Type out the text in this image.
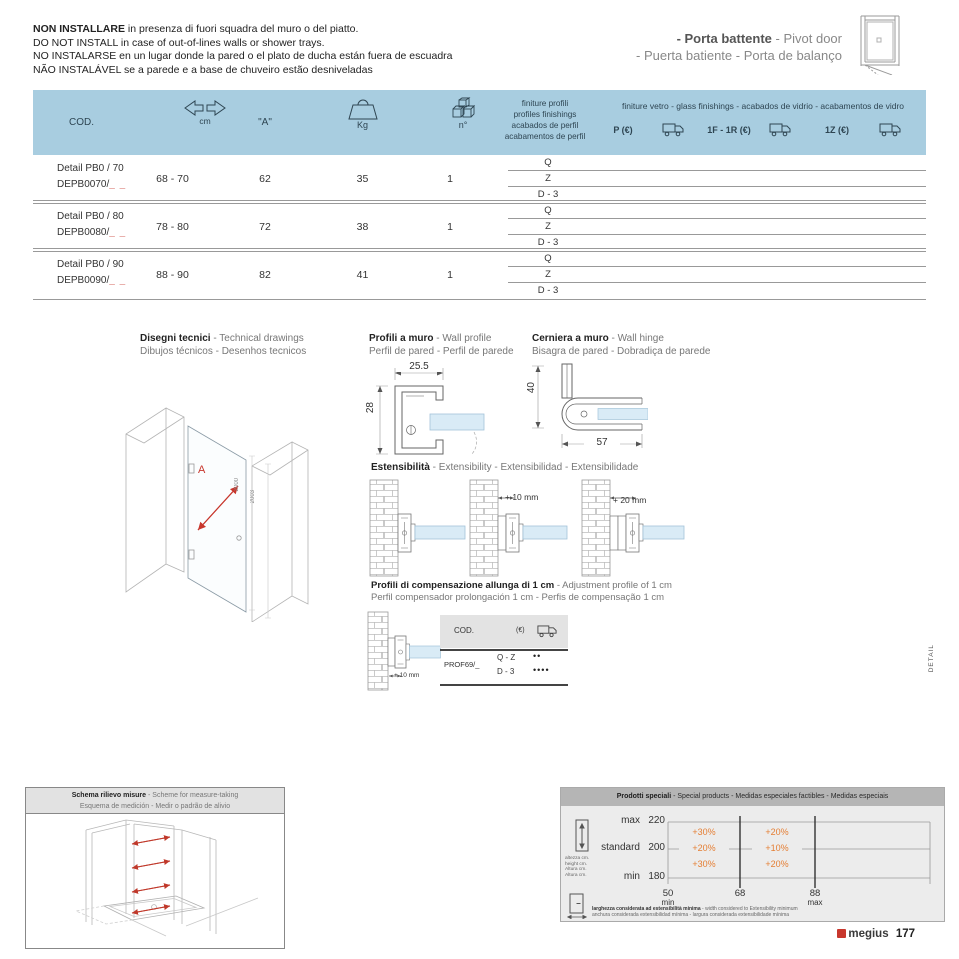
NON INSTALLARE in presenza di fuori squadra del muro o del piatto.
DO NOT INSTALL in case of out-of-lines walls or shower trays.
NO INSTALARSE en un lugar donde la pared o el plato de ducha están fuera de escuadra
NÃO INSTALÁVEL se a parede e a base de chuveiro estão desniveladas
- Porta battente - Pivot door
- Puerta batiente - Porta de balanço
COD.	cm	"A"	Kg	n°
finiture profili
profiles finishings
acabados de perfil
acabamentos de perfil
finiture vetro - glass finishings - acabados de vidrio - acabamentos de vidro
P (€)	1F - 1R (€)	1Z (€)
Detail PB0 / 70
DEPB0070/_ _	68 - 70	62	35	1
Q
Z
D - 3
Detail PB0 / 80
DEPB0080/_ _	78 - 80	72	38	1
Q
Z
D - 3
Detail PB0 / 90
DEPB0090/_ _	88 - 90	82	41	1
Q
Z
D - 3
Disegni tecnici - Technical drawings
Dibujos técnicos - Desenhos tecnicos
Profili a muro - Wall profile
Perfil de pared - Perfil de parede
Cerniera a muro - Wall hinge
Bisagra de pared - Dobradiça de parede
A
2000
2003
25.5
28
40
57
Estensibilità - Extensibility - Extensibilidad - Extensibilidade
+ 10 mm	+ 20 mm
Profili di compensazione allunga di 1 cm - Adjustment profile of 1 cm
Perfil compensador prolongación 1 cm - Perfis de compensação 1 cm
+ 10 mm
COD.	(€)
PROF69/_
Q - Z ••
D - 3 ••••	DETAIL
Schema rilievo misure - Scheme for measure-taking
Esquema de medición - Medir o padrão de alivio
Prodotti speciali - Special products - Medidas especiales factibles - Medidas especiais
altezza cm.
height cm.
Altura cm.
Altura cm.
max 220
standard 200
min 180
+30%	+20%
+20%	+10%
+30%	+20%
50
min
68	88
max
larghezza considerata ad estensibilità minima - width considered to Extensibility minimum
anchura considerada extensibilidad mínima - largura considerada extensibilidade mínima
megius 177
